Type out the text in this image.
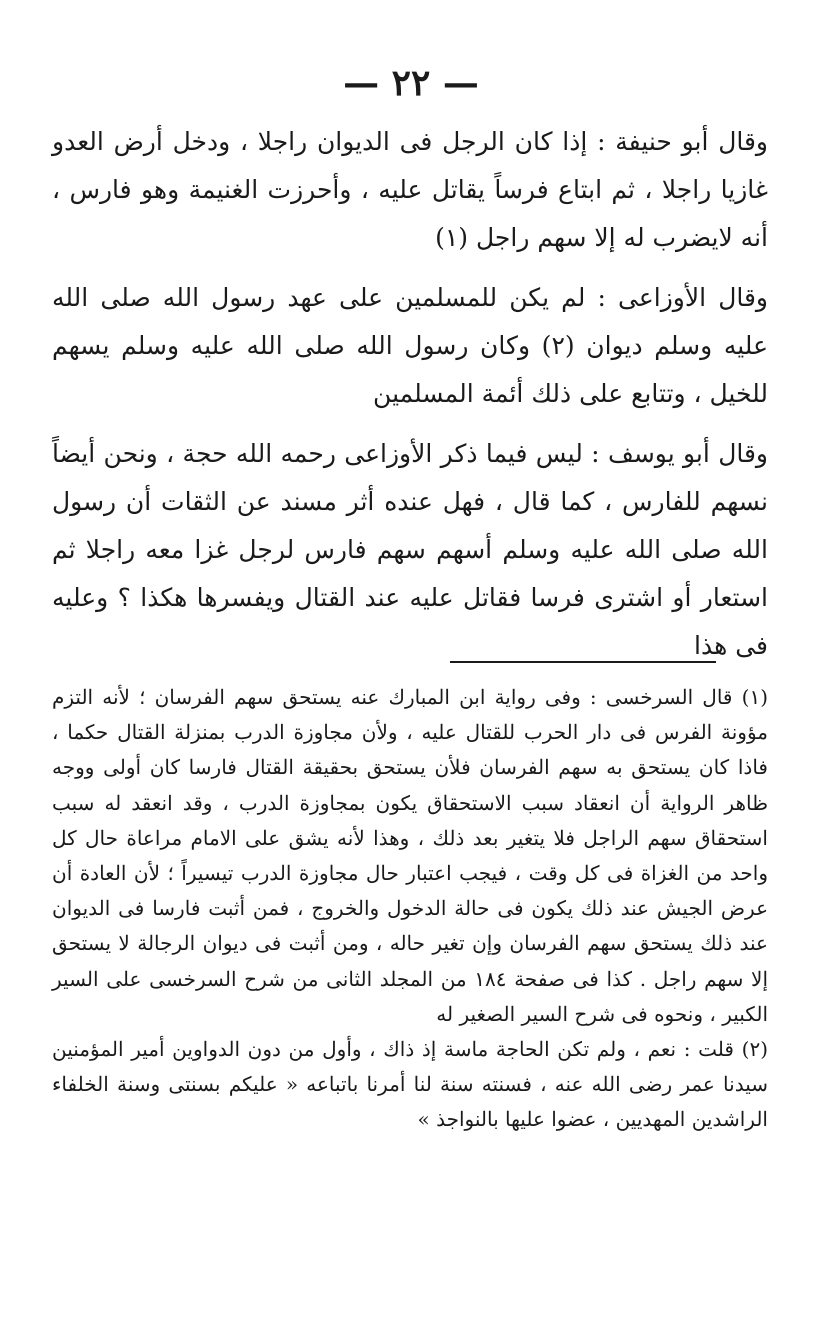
— ٢٢ —

وقال أبو حنيفة : إذا كان الرجل فى الديوان راجلا ، ودخل أرض العدو غازيا راجلا ، ثم ابتاع فرساً يقاتل عليه ، وأحرزت الغنيمة وهو فارس ، أنه لايضرب له إلا سهم راجل (١)

وقال الأوزاعى : لم يكن للمسلمين على عهد رسول الله صلى الله عليه وسلم ديوان (٢) وكان رسول الله صلى الله عليه وسلم يسهم للخيل ، وتتابع على ذلك أئمة المسلمين

وقال أبو يوسف : ليس فيما ذكر الأوزاعى رحمه الله حجة ، ونحن أيضاً نسهم للفارس ، كما قال ، فهل عنده أثر مسند عن الثقات أن رسول الله صلى الله عليه وسلم أسهم سهم فارس لرجل غزا معه راجلا ثم استعار أو اشترى فرسا فقاتل عليه عند القتال ويفسرها هكذا ؟ وعليه فى هذا

(١) قال السرخسى : وفى رواية ابن المبارك عنه يستحق سهم الفرسان ؛ لأنه التزم مؤونة الفرس فى دار الحرب للقتال عليه ، ولأن مجاوزة الدرب بمنزلة القتال حكما ، فاذا كان يستحق به سهم الفرسان فلأن يستحق بحقيقة القتال فارسا كان أولى ووجه ظاهر الرواية أن انعقاد سبب الاستحقاق يكون بمجاوزة الدرب ، وقد انعقد له سبب استحقاق سهم الراجل فلا يتغير بعد ذلك ، وهذا لأنه يشق على الامام مراعاة حال كل واحد من الغزاة فى كل وقت ، فيجب اعتبار حال مجاوزة الدرب تيسيراً ؛ لأن العادة أن عرض الجيش عند ذلك يكون فى حالة الدخول والخروج ، فمن أثبت فارسا فى الديوان عند ذلك يستحق سهم الفرسان وإن تغير حاله ، ومن أثبت فى ديوان الرجالة لا يستحق إلا سهم راجل . كذا فى صفحة ١٨٤ من المجلد الثانى من شرح السرخسى على السير الكبير ، ونحوه فى شرح السير الصغير له

(٢) قلت : نعم ، ولم تكن الحاجة ماسة إذ ذاك ، وأول من دون الدواوين أمير المؤمنين سيدنا عمر رضى الله عنه ، فسنته سنة لنا أمرنا باتباعه « عليكم بسنتى وسنة الخلفاء الراشدين المهديين ، عضوا عليها بالنواجذ »
